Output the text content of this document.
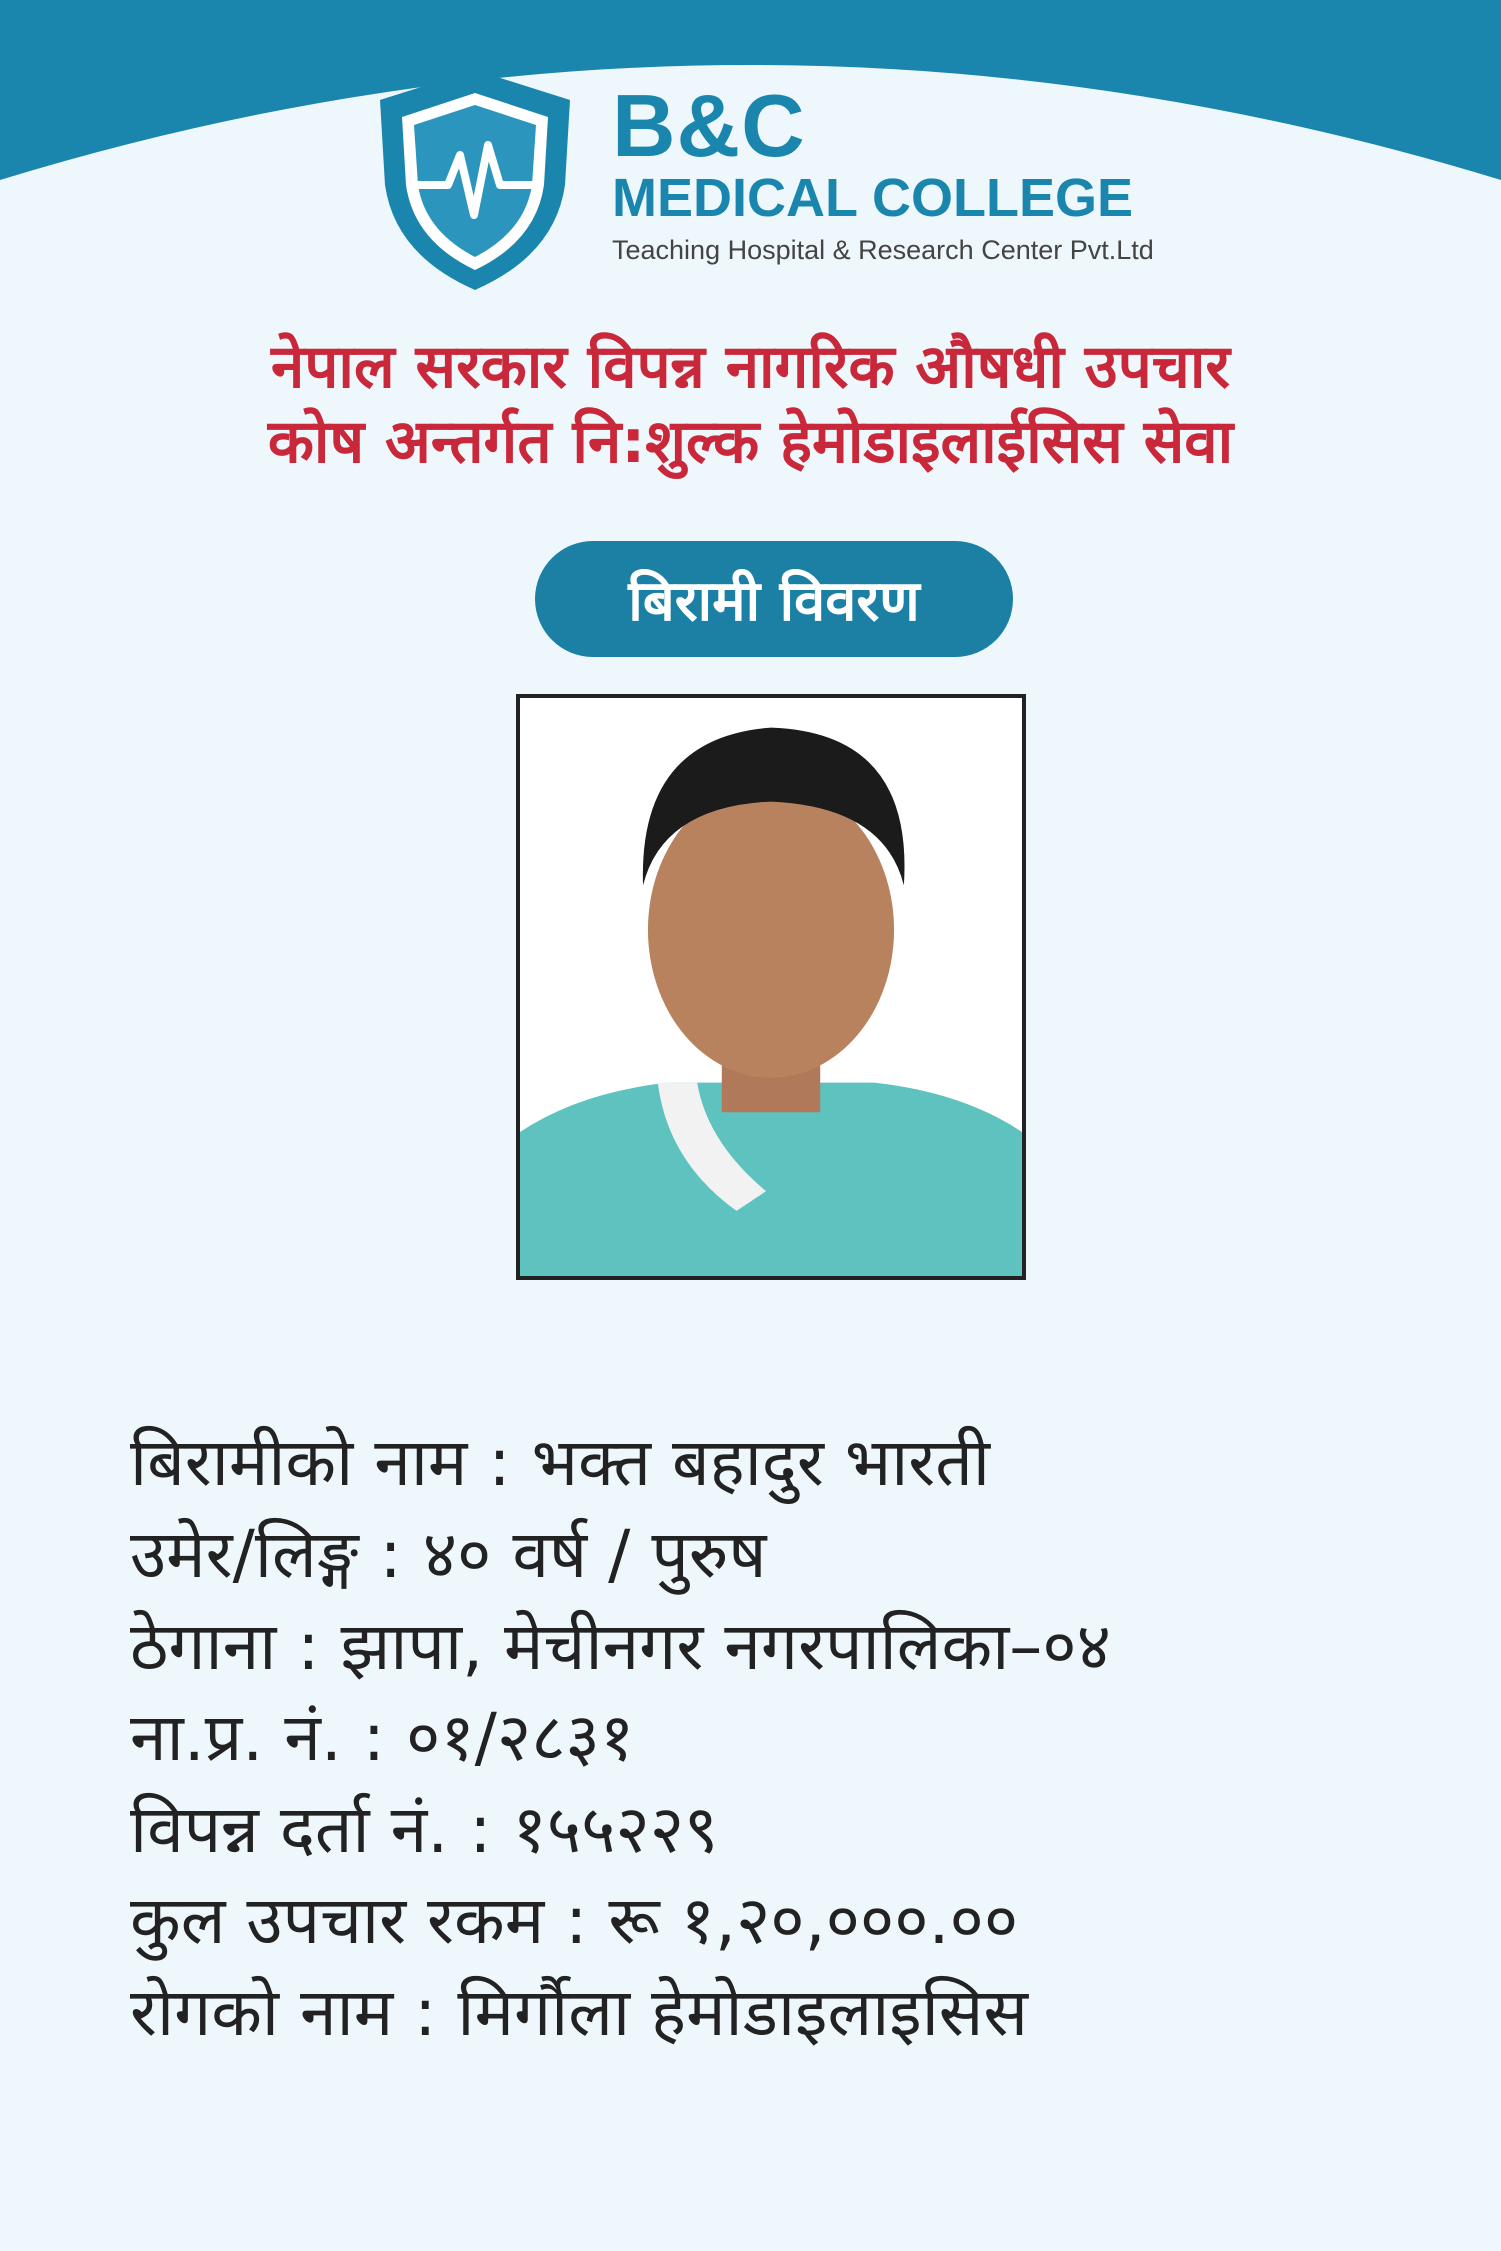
B&C
MEDICAL COLLEGE
Teaching Hospital & Research Center Pvt.Ltd
नेपाल सरकार विपन्न नागरिक औषधी उपचार
कोष अन्तर्गत नि:शुल्क हेमोडाइलाईसिस सेवा
बिरामी विवरण
बिरामीको नाम : भक्त बहादुर भारती
उमेर/लिङ्ग : ४० वर्ष / पुरुष
ठेगाना : झापा, मेचीनगर नगरपालिका–०४
ना.प्र. नं. : ०१/२८३१
विपन्न दर्ता नं. : १५५२२९
कुल उपचार रकम : रू १,२०,०००.००
रोगको नाम : मिर्गौला हेमोडाइलाइसिस
